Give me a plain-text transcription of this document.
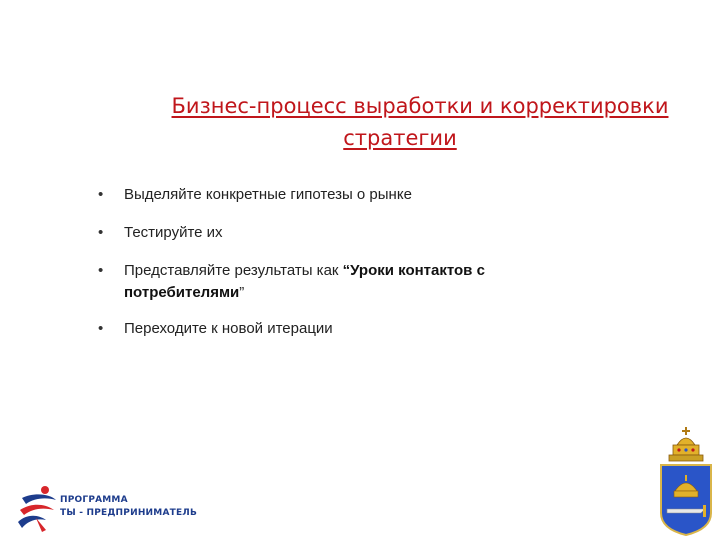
Бизнес-процесс выработки и корректировки
стратегии
• Выделяйте конкретные гипотезы о рынке
• Тестируйте их
• Представляйте результаты как “Уроки контактов с
потребителями”
• Переходите к новой итерации
ПРОГРАММА
ТЫ - ПРЕДПРИНИМАТЕЛЬ
